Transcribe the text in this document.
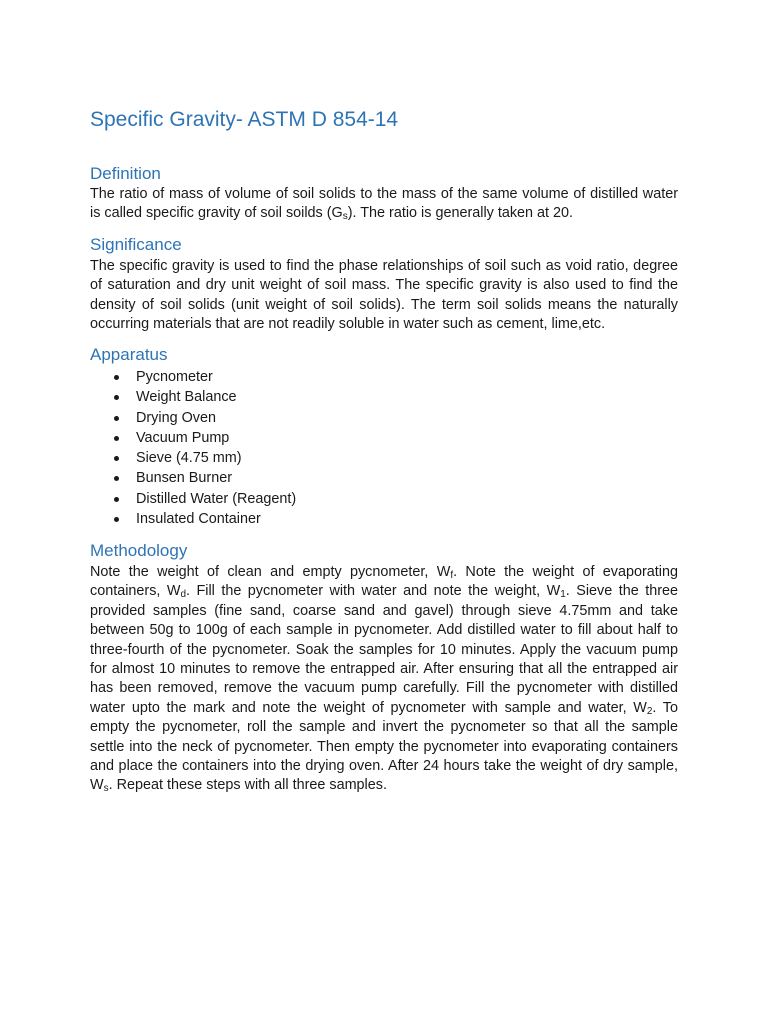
Specific Gravity- ASTM D 854-14
Definition

The ratio of mass of volume of soil solids to the mass of the same volume of distilled water is called specific gravity of soil soilds $(G_s)$. The ratio is generally taken at 20.

Significance

The specific gravity is used to find the phase relationships of soil such as void ratio, degree of saturation and dry unit weight of soil mass. The specific gravity is also used to find the density of soil solids (unit weight of soil solids). The term soil solids means the naturally occurring materials that are not readily soluble in water such as cement, lime,etc.

Apparatus
Pycnometer
Weight Balance
Drying Oven
Vacuum Pump
Sieve (4.75 mm)
Bunsen Burner
Distilled Water (Reagent)
Insulated Container
Methodology

Note the weight of clean and empty pycnometer, $W_f$. Note the weight of evaporating containers, $W_d$. Fill the pycnometer with water and note the weight, $W_1$. Sieve the three provided samples (fine sand, coarse sand and gavel) through sieve 4.75mm and take between 50g to 100g of each sample in pycnometer. Add distilled water to fill about half to three-fourth of the pycnometer. Soak the samples for 10 minutes. Apply the vacuum pump for almost 10 minutes to remove the entrapped air. After ensuring that all the entrapped air has been removed, remove the vacuum pump carefully. Fill the pycnometer with distilled water upto the mark and note the weight of pycnometer with sample and water, $W_2$. To empty the pycnometer, roll the sample and invert the pycnometer so that all the sample settle into the neck of pycnometer. Then empty the pycnometer into evaporating containers and place the containers into the drying oven. After 24 hours take the weight of dry sample, $W_s$. Repeat these steps with all three samples.
